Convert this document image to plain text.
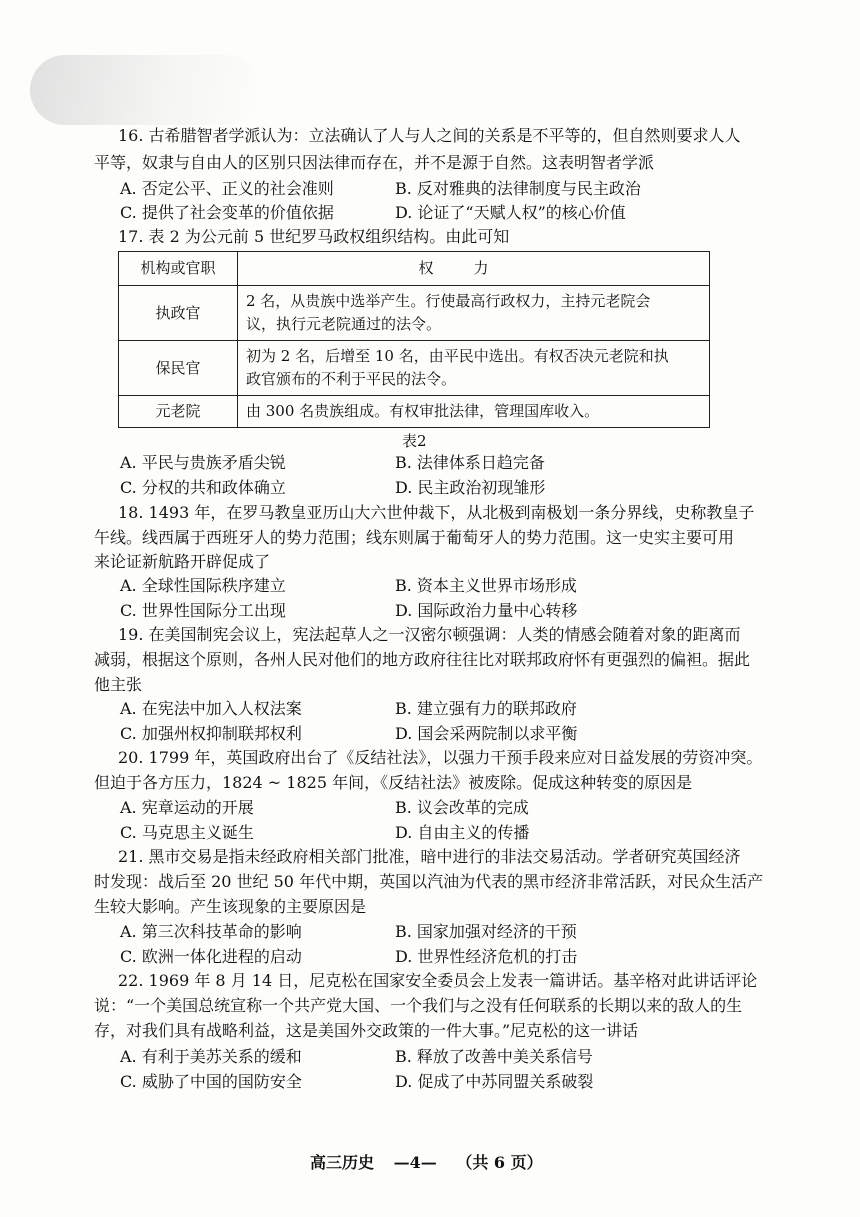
16. 古希腊智者学派认为：立法确认了人与人之间的关系是不平等的，但自然则要求人人
平等，奴隶与自由人的区别只因法律而存在，并不是源于自然。这表明智者学派
A. 否定公平、正义的社会准则	B. 反对雅典的法律制度与民主政治
C. 提供了社会变革的价值依据	D. 论证了“天赋人权”的核心价值
17. 表 2 为公元前 5 世纪罗马政权组织结构。由此可知
机构或官职	权力
执政官	2 名，从贵族中选举产生。行使最高行政权力，主持元老院会
议，执行元老院通过的法令。

保民官	初为 2 名，后增至 10 名，由平民中选出。有权否决元老院和执
政官颁布的不利于平民的法令。

元老院	由 300 名贵族组成。有权审批法律，管理国库收入。
表2
A. 平民与贵族矛盾尖锐	B. 法律体系日趋完备
C. 分权的共和政体确立	D. 民主政治初现雏形
18. 1493 年，在罗马教皇亚历山大六世仲裁下，从北极到南极划一条分界线，史称教皇子
午线。线西属于西班牙人的势力范围；线东则属于葡萄牙人的势力范围。这一史实主要可用
来论证新航路开辟促成了
A. 全球性国际秩序建立	B. 资本主义世界市场形成
C. 世界性国际分工出现	D. 国际政治力量中心转移
19. 在美国制宪会议上，宪法起草人之一汉密尔顿强调：人类的情感会随着对象的距离而
减弱，根据这个原则，各州人民对他们的地方政府往往比对联邦政府怀有更强烈的偏袒。据此
他主张
A. 在宪法中加入人权法案	B. 建立强有力的联邦政府
C. 加强州权抑制联邦权利	D. 国会采两院制以求平衡
20. 1799 年，英国政府出台了《反结社法》，以强力干预手段来应对日益发展的劳资冲突。
但迫于各方压力，1824 ~ 1825 年间，《反结社法》被废除。促成这种转变的原因是
A. 宪章运动的开展	B. 议会改革的完成
C. 马克思主义诞生	D. 自由主义的传播
21. 黑市交易是指未经政府相关部门批准，暗中进行的非法交易活动。学者研究英国经济
时发现：战后至 20 世纪 50 年代中期，英国以汽油为代表的黑市经济非常活跃，对民众生活产
生较大影响。产生该现象的主要原因是
A. 第三次科技革命的影响	B. 国家加强对经济的干预
C. 欧洲一体化进程的启动	D. 世界性经济危机的打击
22. 1969 年 8 月 14 日，尼克松在国家安全委员会上发表一篇讲话。基辛格对此讲话评论
说：“一个美国总统宣称一个共产党大国、一个我们与之没有任何联系的长期以来的敌人的生
存，对我们具有战略利益，这是美国外交政策的一件大事。”尼克松的这一讲话
A. 有利于美苏关系的缓和	B. 释放了改善中美关系信号
C. 威胁了中国的国防安全	D. 促成了中苏同盟关系破裂
高三历史 —4— （共 6 页）
